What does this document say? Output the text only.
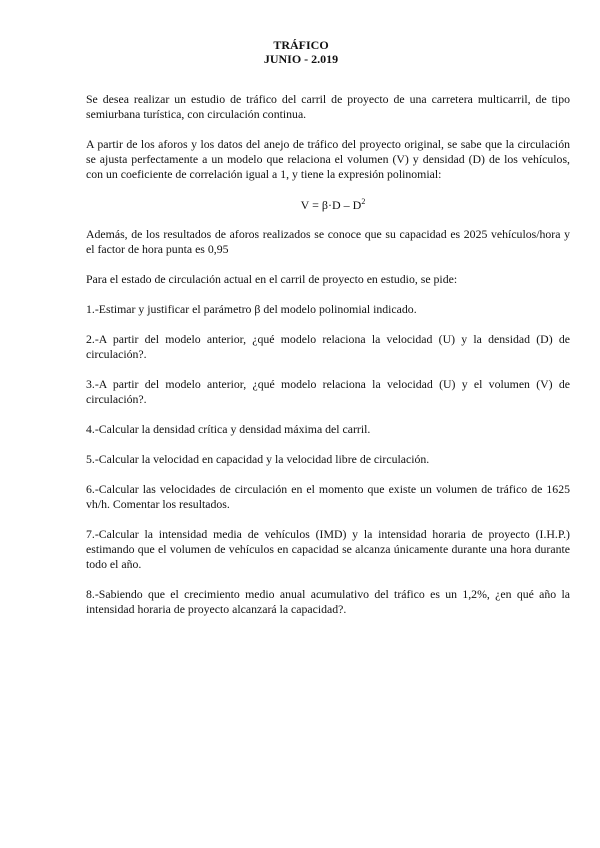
TRÁFICO
JUNIO - 2.019

Se desea realizar un estudio de tráfico del carril de proyecto de una carretera multicarril, de tipo semiurbana turística, con circulación continua.

A partir de los aforos y los datos del anejo de tráfico del proyecto original, se sabe que la circulación se ajusta perfectamente a un modelo que relaciona el volumen (V) y densidad (D) de los vehículos, con un coeficiente de correlación igual a 1, y tiene la expresión polinomial:

$V = \beta\cdot D - D^2$

Además, de los resultados de aforos realizados se conoce que su capacidad es 2025 vehículos/hora y el factor de hora punta es 0,95

Para el estado de circulación actual en el carril de proyecto en estudio, se pide:

1.-Estimar y justificar el parámetro β del modelo polinomial indicado.

2.-A partir del modelo anterior, ¿qué modelo relaciona la velocidad (U) y la densidad (D) de circulación?.

3.-A partir del modelo anterior, ¿qué modelo relaciona la velocidad (U) y el volumen (V) de circulación?.

4.-Calcular la densidad crítica y densidad máxima del carril.

5.-Calcular la velocidad en capacidad y la velocidad libre de circulación.

6.-Calcular las velocidades de circulación en el momento que existe un volumen de tráfico de 1625 vh/h. Comentar los resultados.

7.-Calcular la intensidad media de vehículos (IMD) y la intensidad horaria de proyecto (I.H.P.) estimando que el volumen de vehículos en capacidad se alcanza únicamente durante una hora durante todo el año.

8.-Sabiendo que el crecimiento medio anual acumulativo del tráfico es un 1,2%, ¿en qué año la intensidad horaria de proyecto alcanzará la capacidad?.
